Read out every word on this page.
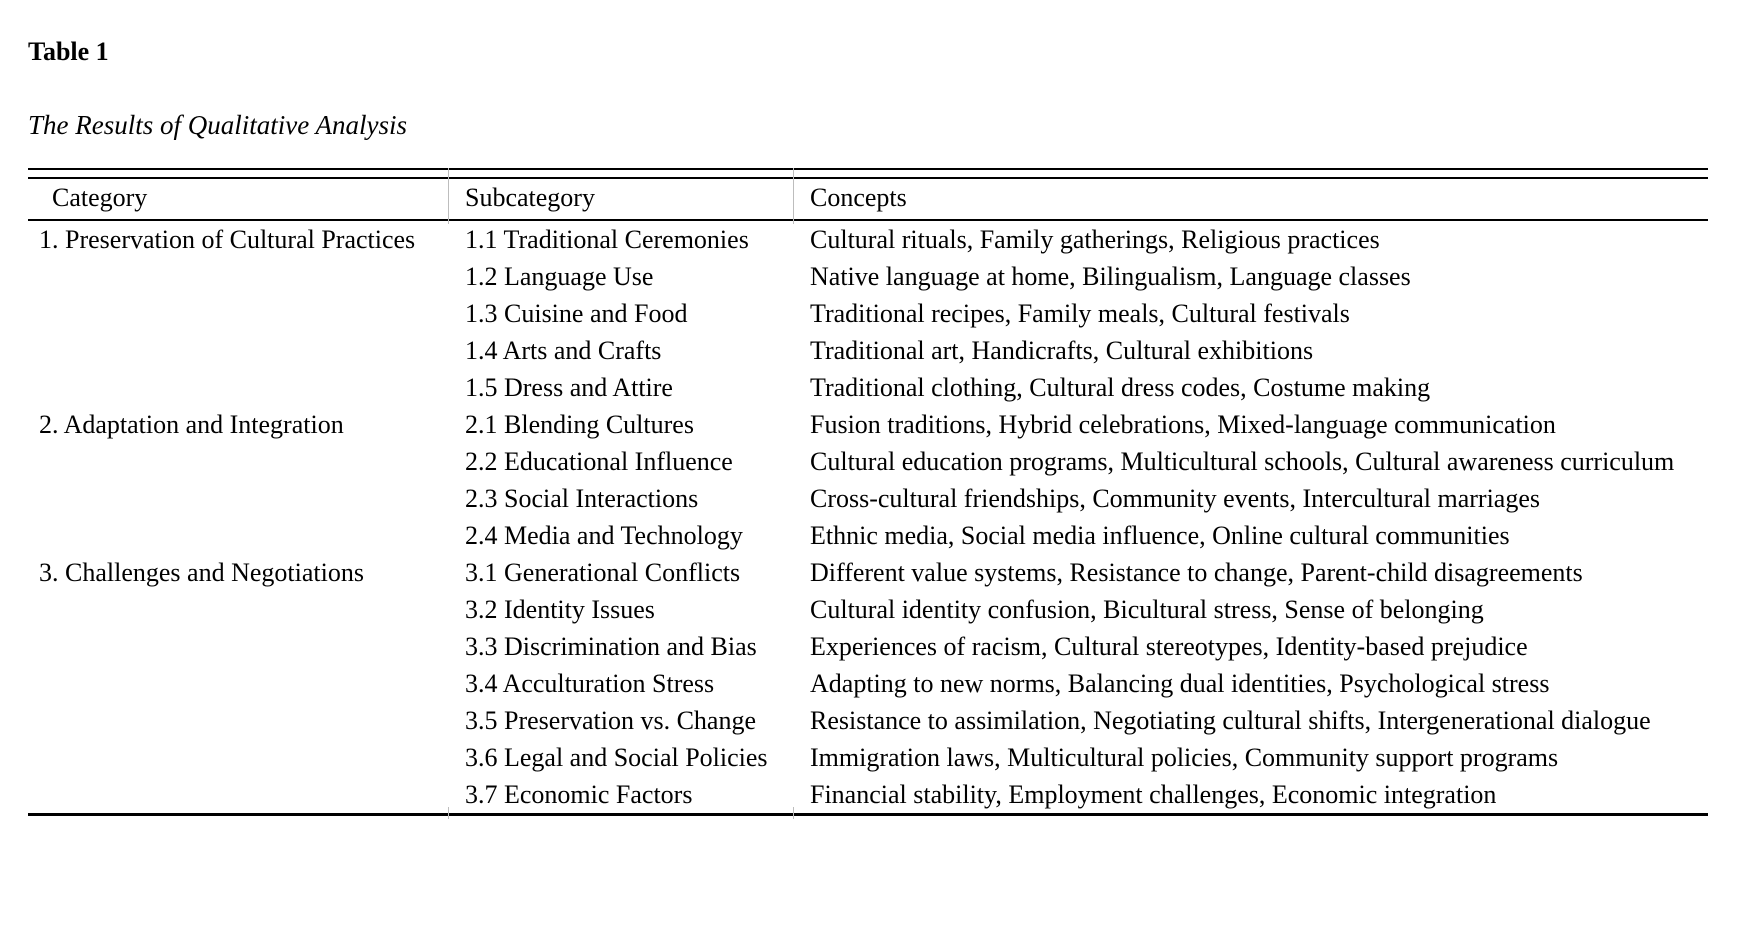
Table 1

The Results of Qualitative Analysis

Category	Subcategory	Concepts
1. Preservation of Cultural Practices	1.1 Traditional Ceremonies	Cultural rituals, Family gatherings, Religious practices
	1.2 Language Use	Native language at home, Bilingualism, Language classes
	1.3 Cuisine and Food	Traditional recipes, Family meals, Cultural festivals
	1.4 Arts and Crafts	Traditional art, Handicrafts, Cultural exhibitions
	1.5 Dress and Attire	Traditional clothing, Cultural dress codes, Costume making
2. Adaptation and Integration	2.1 Blending Cultures	Fusion traditions, Hybrid celebrations, Mixed-language communication
	2.2 Educational Influence	Cultural education programs, Multicultural schools, Cultural awareness curriculum
	2.3 Social Interactions	Cross-cultural friendships, Community events, Intercultural marriages
	2.4 Media and Technology	Ethnic media, Social media influence, Online cultural communities
3. Challenges and Negotiations	3.1 Generational Conflicts	Different value systems, Resistance to change, Parent-child disagreements
	3.2 Identity Issues	Cultural identity confusion, Bicultural stress, Sense of belonging
	3.3 Discrimination and Bias	Experiences of racism, Cultural stereotypes, Identity-based prejudice
	3.4 Acculturation Stress	Adapting to new norms, Balancing dual identities, Psychological stress
	3.5 Preservation vs. Change	Resistance to assimilation, Negotiating cultural shifts, Intergenerational dialogue
	3.6 Legal and Social Policies	Immigration laws, Multicultural policies, Community support programs
	3.7 Economic Factors	Financial stability, Employment challenges, Economic integration
